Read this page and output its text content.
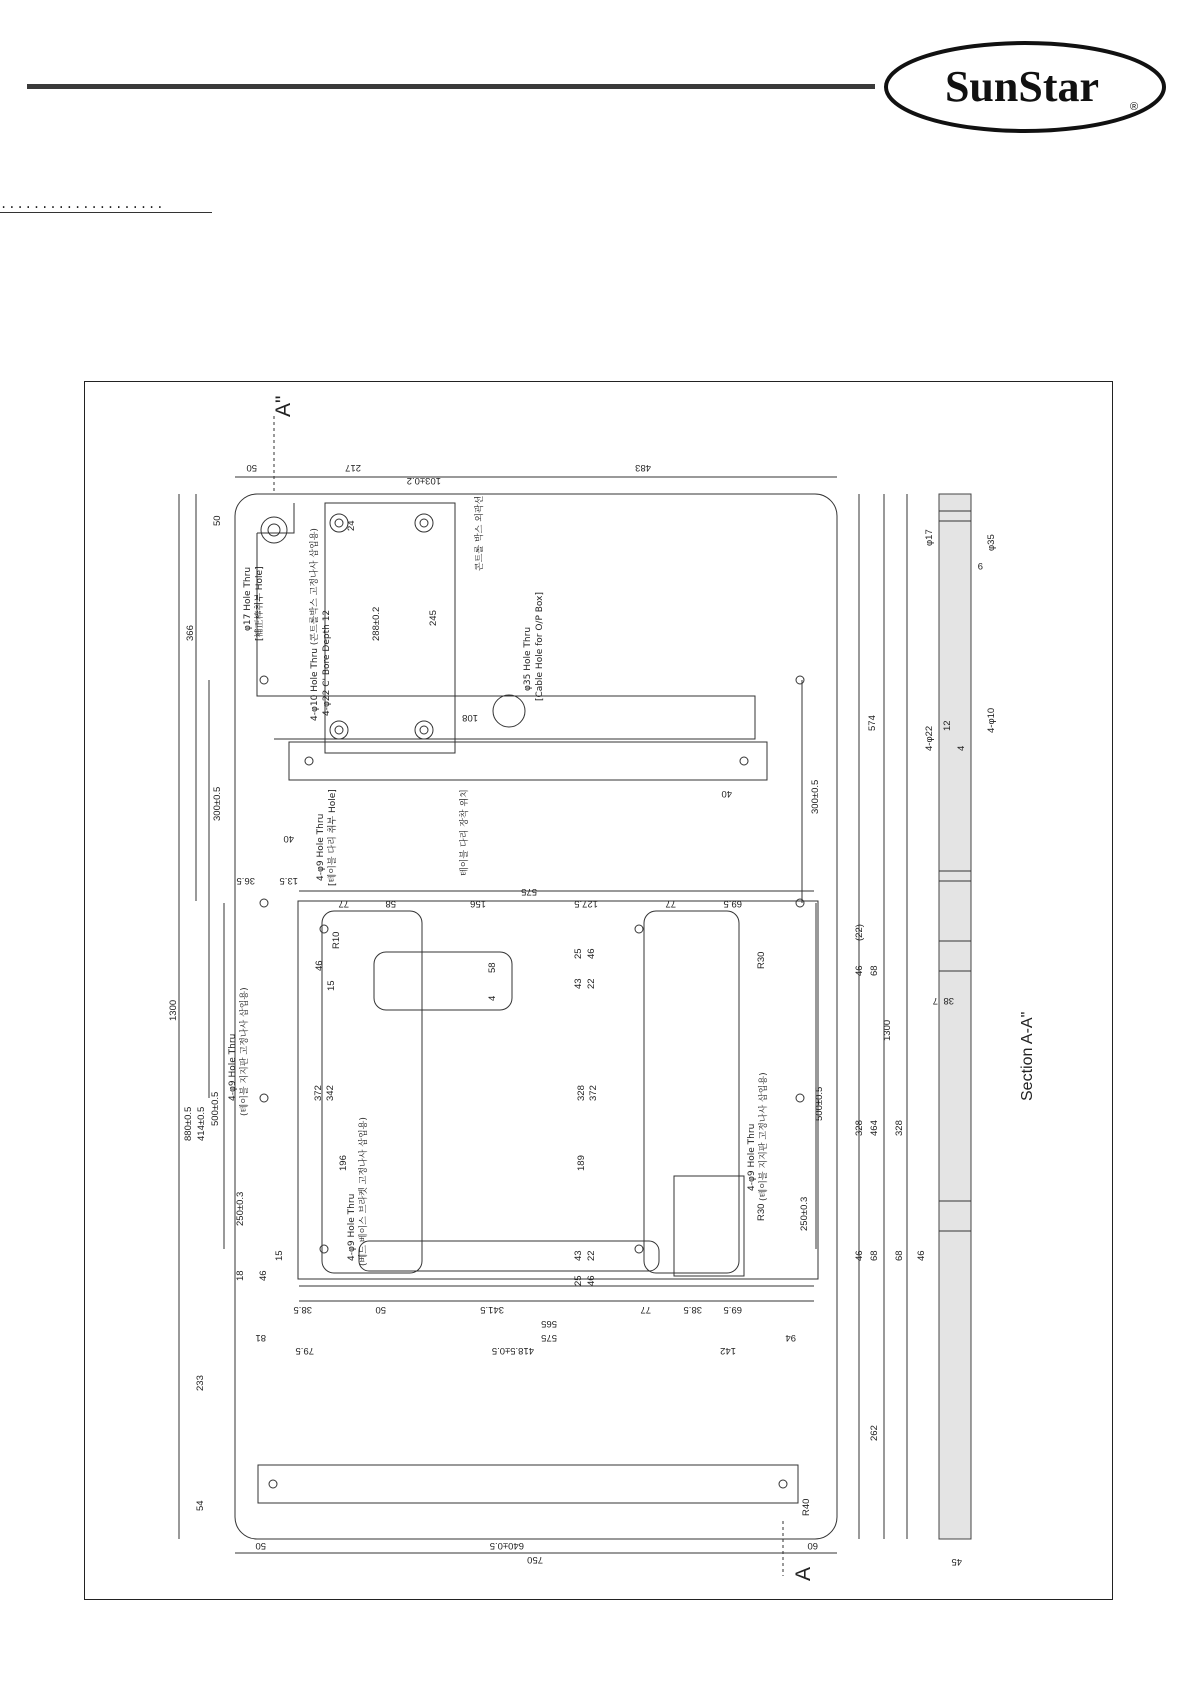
SunStar	®
....................
A"
A
Section A-A"
φ17 Hole Thru [補正棒취부 Hole]
콘트롤 박스 외곽선
4-φ10 Hole Thru (콘트롤박스 고정나사 삽입용) 4-φ22 C' Bore Depth 12	φ35 Hole Thru [Cable Hole for O/P Box]
4-φ9 Hole Thru [테이블 다리 취부 Hole]	테이블 다리 장착 위치
4-φ9 Hole Thru (테이블 지지판 고정나사 삽입용)
4-φ9 Hole Thru (베드 베이스 브라켓 고정나사 삽입용)	4-φ9 Hole Thru (테이블 지지판 고정나사 삽입용)
50	217
103±0.2
483
50	640±0.5	60
750
50
366
300±0.5
1300
880±0.5 414±0.5 500±0.5
250±0.3
233
54
574
300±0.5
500±0.5
250±0.3
1300
328 464
262
328
24
245
288±0.2
108
40
40
36.5	13.5
575
77	58	156	127.5	77	69.5
25 46
43 22
58
4
46
15
372 342
196	189
328 372
43 22
25 46
15
18 46
38.5	50	341.5	77	69.5
38.5
565
575
81	94
418.5±0.5	142
79.5
46 68
(22)
46 68 68 46
38
7
12
4-φ22
4-φ10
φ17	φ35
45
9
4
R10
R30
R30
R40
